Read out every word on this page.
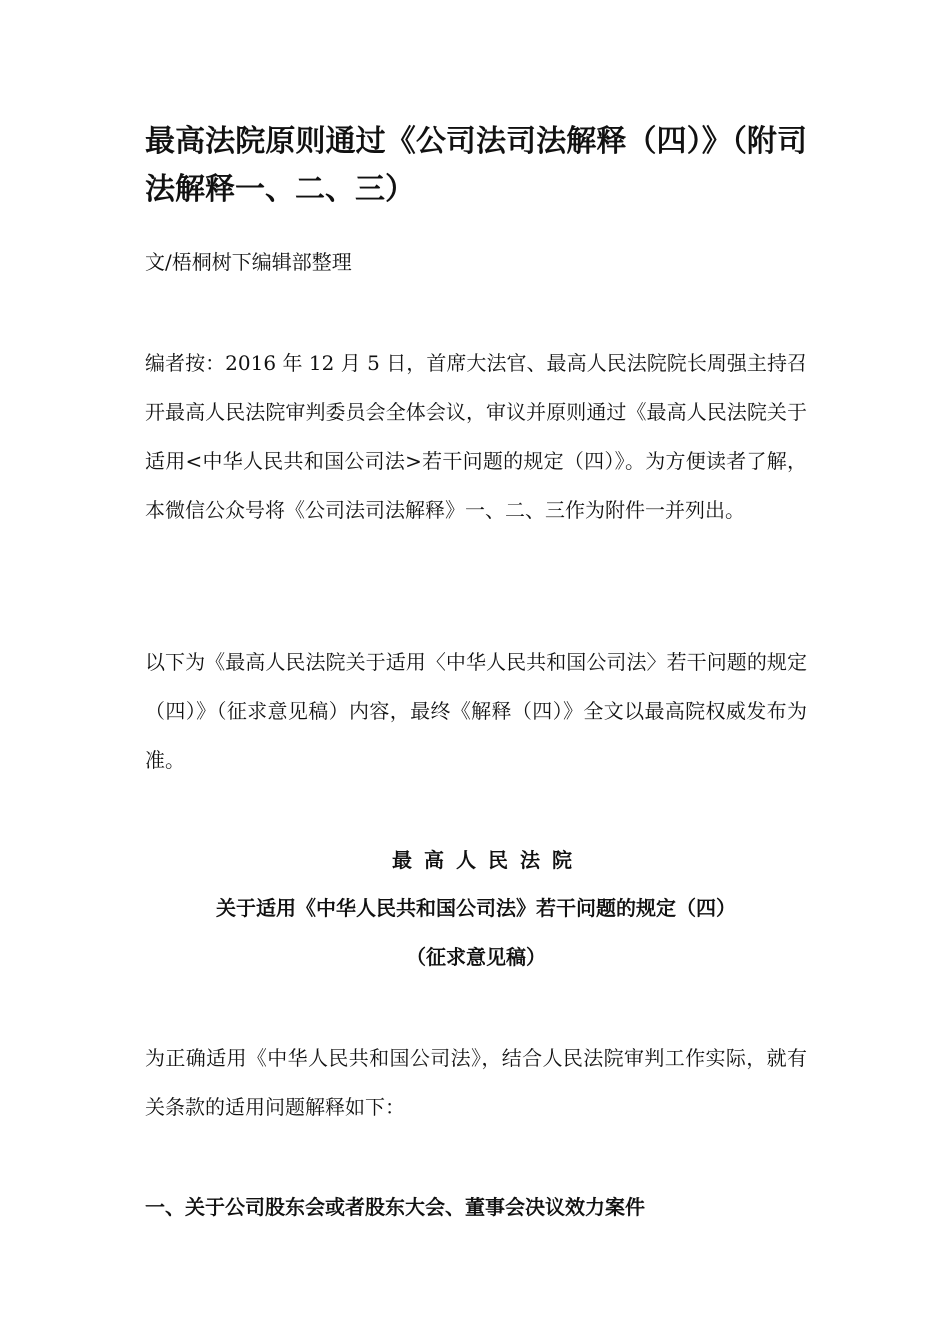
最高法院原则通过《公司法司法解释（四）》（附司法解释一、二、三）

文/梧桐树下编辑部整理

编者按：2016 年 12 月 5 日，首席大法官、最高人民法院院长周强主持召开最高人民法院审判委员会全体会议，审议并原则通过《最高人民法院关于适用<中华人民共和国公司法>若干问题的规定（四）》。为方便读者了解，本微信公众号将《公司法司法解释》一、二、三作为附件一并列出。

以下为《最高人民法院关于适用〈中华人民共和国公司法〉若干问题的规定（四）》（征求意见稿）内容，最终《解释（四）》全文以最高院权威发布为准。

最高人民法院

关于适用《中华人民共和国公司法》若干问题的规定（四）

（征求意见稿）

为正确适用《中华人民共和国公司法》，结合人民法院审判工作实际，就有关条款的适用问题解释如下：

一、关于公司股东会或者股东大会、董事会决议效力案件
